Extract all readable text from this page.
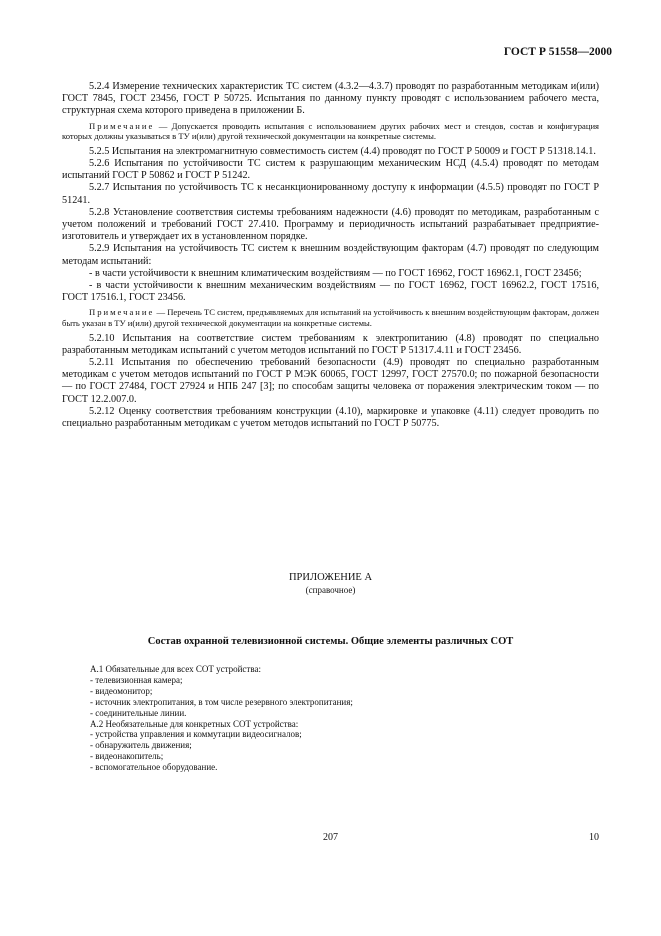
ГОСТ Р 51558—2000

5.2.4 Измерение технических характеристик ТС систем (4.3.2—4.3.7) проводят по разработанным методикам и(или) ГОСТ 7845, ГОСТ 23456, ГОСТ Р 50725. Испытания по данному пункту проводят с использованием рабочего места, структурная схема которого приведена в приложении Б.

Примечание — Допускается проводить испытания с использованием других рабочих мест и стендов, состав и конфигурация которых должны указываться в ТУ и(или) другой технической документации на конкретные системы.

5.2.5 Испытания на электромагнитную совместимость систем (4.4) проводят по ГОСТ Р 50009 и ГОСТ Р 51318.14.1.

5.2.6 Испытания по устойчивости ТС систем к разрушающим механическим НСД (4.5.4) проводят по методам испытаний ГОСТ Р 50862 и ГОСТ Р 51242.

5.2.7 Испытания по устойчивость ТС к несанкционированному доступу к информации (4.5.5) проводят по ГОСТ Р 51241.

5.2.8 Установление соответствия системы требованиям надежности (4.6) проводят по методикам, разработанным с учетом положений и требований ГОСТ 27.410. Программу и периодичность испытаний разрабатывает предприятие-изготовитель и утверждает их в установленном порядке.

5.2.9 Испытания на устойчивость ТС систем к внешним воздействующим факторам (4.7) проводят по следующим методам испытаний:

- в части устойчивости к внешним климатическим воздействиям — по ГОСТ 16962, ГОСТ 16962.1, ГОСТ 23456;

- в части устойчивости к внешним механическим воздействиям — по ГОСТ 16962, ГОСТ 16962.2, ГОСТ 17516, ГОСТ 17516.1, ГОСТ 23456.

Примечание — Перечень ТС систем, предъявляемых для испытаний на устойчивость к внешним воздействующим факторам, должен быть указан в ТУ и(или) другой технической документации на конкретные системы.

5.2.10 Испытания на соответствие систем требованиям к электропитанию (4.8) проводят по специально разработанным методикам испытаний с учетом методов испытаний по ГОСТ Р 51317.4.11 и ГОСТ 23456.

5.2.11 Испытания по обеспечению требований безопасности (4.9) проводят по специально разработанным методикам с учетом методов испытаний по ГОСТ Р МЭК 60065, ГОСТ 12997, ГОСТ 27570.0; по пожарной безопасности — по ГОСТ 27484, ГОСТ 27924 и НПБ 247 [3]; по способам защиты человека от поражения электрическим током — по ГОСТ 12.2.007.0.

5.2.12 Оценку соответствия требованиям конструкции (4.10), маркировке и упаковке (4.11) следует проводить по специально разработанным методикам с учетом методов испытаний по ГОСТ Р 50775.

ПРИЛОЖЕНИЕ А
(справочное)
Состав охранной телевизионной системы. Общие элементы различных СОТ
А.1 Обязательные для всех СОТ устройства:
- телевизионная камера;
- видеомонитор;
- источник электропитания, в том числе резервного электропитания;
- соединительные линии.
А.2 Необязательные для конкретных СОТ устройства:
- устройства управления и коммутации видеосигналов;
- обнаружитель движения;
- видеонакопитель;
- вспомогательное оборудование.
207	10
